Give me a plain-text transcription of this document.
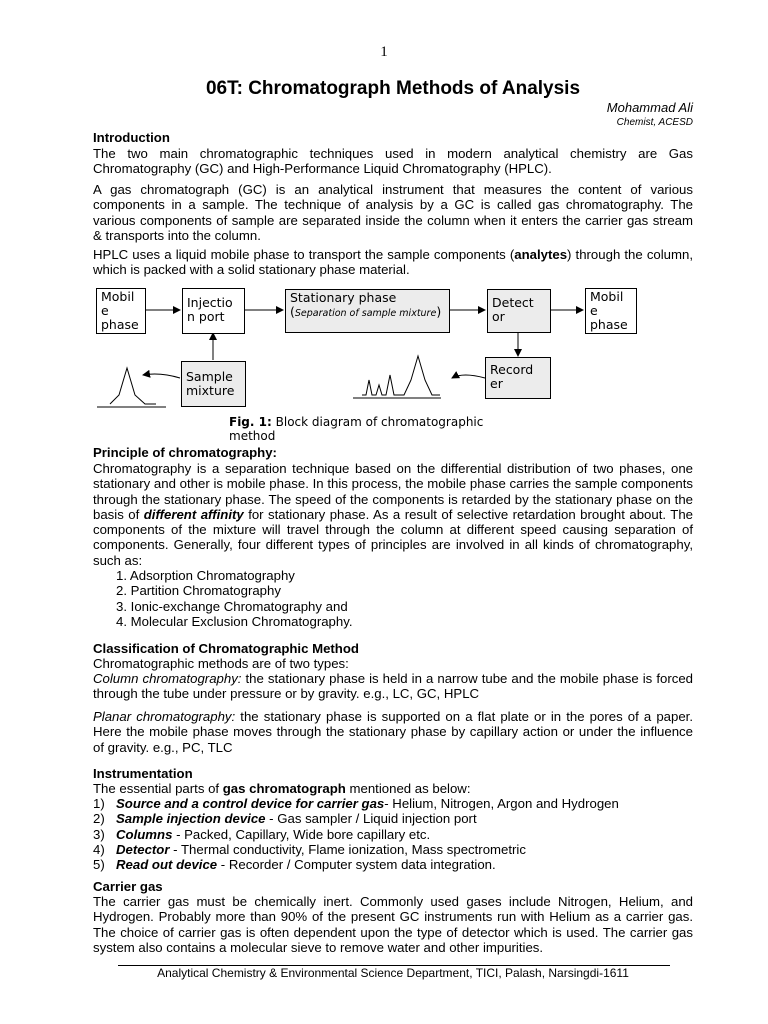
1
06T: Chromatograph Methods of Analysis
Mohammad Ali
Chemist, ACESD
Introduction
The two main chromatographic techniques used in modern analytical chemistry are Gas Chromatography (GC) and High-Performance Liquid Chromatography (HPLC).
A gas chromatograph (GC) is an analytical instrument that measures the content of various components in a sample. The technique of analysis by a GC is called gas chromatography. The various components of sample are separated inside the column when it enters the carrier gas stream & transports into the column.
HPLC uses a liquid mobile phase to transport the sample components (analytes) through the column, which is packed with a solid stationary phase material.
Mobil e phase
Injectio n port
Stationary phase
(Separation of sample mixture)
Detect or
Mobil e phase
Record er
Sample mixture
Fig. 1: Block diagram of chromatographic method
Principle of chromatography:
Chromatography is a separation technique based on the differential distribution of two phases, one stationary and other is mobile phase. In this process, the mobile phase carries the sample components through the stationary phase. The speed of the components is retarded by the stationary phase on the basis of different affinity for stationary phase. As a result of selective retardation brought about. The components of the mixture will travel through the column at different speed causing separation of components. Generally, four different types of principles are involved in all kinds of chromatography, such as:
1. Adsorption Chromatography
2. Partition Chromatography
3. Ionic-exchange Chromatography and
4. Molecular Exclusion Chromatography.
Classification of Chromatographic Method
Chromatographic methods are of two types:
Column chromatography: the stationary phase is held in a narrow tube and the mobile phase is forced through the tube under pressure or by gravity. e.g., LC, GC, HPLC
Planar chromatography: the stationary phase is supported on a flat plate or in the pores of a paper. Here the mobile phase moves through the stationary phase by capillary action or under the influence of gravity. e.g., PC, TLC
Instrumentation
The essential parts of gas chromatograph mentioned as below:
1) Source and a control device for carrier gas- Helium, Nitrogen, Argon and Hydrogen
2) Sample injection device - Gas sampler / Liquid injection port
3) Columns - Packed, Capillary, Wide bore capillary etc.
4) Detector - Thermal conductivity, Flame ionization, Mass spectrometric
5) Read out device - Recorder / Computer system data integration.
Carrier gas
The carrier gas must be chemically inert. Commonly used gases include Nitrogen, Helium, and Hydrogen. Probably more than 90% of the present GC instruments run with Helium as a carrier gas. The choice of carrier gas is often dependent upon the type of detector which is used. The carrier gas system also contains a molecular sieve to remove water and other impurities.
Analytical Chemistry & Environmental Science Department, TICI, Palash, Narsingdi-1611
